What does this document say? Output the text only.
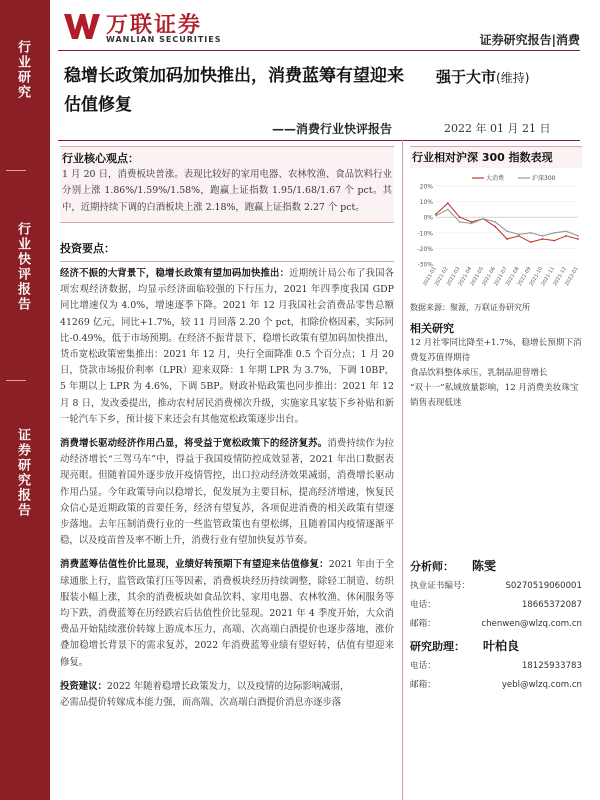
行业研究
行业快评报告
证券研究报告
万联证券
WANLIAN SECURITIES	证券研究报告|消费
稳增长政策加码加快推出，消费蓝筹有望迎来估值修复
——消费行业快评报告
强于大市(维持)
2022 年 01 月 21 日
行业核心观点：

1 月 20 日，消费板块普涨。表现比较好的家用电器、农林牧渔、食品饮料行业分别上涨 1.86%/1.59%/1.58%，跑赢上证指数 1.95/1.68/1.67 个 pct。其中，近期持续下调的白酒板块上涨 2.18%，跑赢上证指数 2.27 个 pct。

投资要点：

经济不振的大背景下，稳增长政策有望加码加快推出：近期统计局公布了我国各项宏观经济数据，均显示经济面临较强的下行压力，2021 年四季度我国 GDP 同比增速仅为 4.0%，增速逐季下降。2021 年 12 月我国社会消费品零售总额 41269 亿元，同比+1.7%，较 11 月回落 2.20 个 pct，扣除价格因素，实际同比-0.49%，低于市场预期。在经济不振背景下，稳增长政策有望加码加快推出，货币宽松政策密集推出：2021 年 12 月，央行全面降准 0.5 个百分点；1 月 20 日，贷款市场报价利率（LPR）迎来双降：1 年期 LPR 为 3.7%，下调 10BP，5 年期以上 LPR 为 4.6%，下调 5BP。财政补贴政策也同步推出：2021 年 12 月 8 日，发改委提出，推动农村居民消费梯次升级，实施家具家装下乡补贴和新一轮汽车下乡，预计接下来还会有其他宽松政策逐步出台。

消费增长驱动经济作用凸显，将受益于宽松政策下的经济复苏。消费持续作为拉动经济增长“三驾马车”中，得益于我国疫情防控成效显著，2021 年出口数据表现亮眼。但随着国外逐步放开疫情管控，出口拉动经济效果减弱，消费增长驱动作用凸显。今年政策导向以稳增长，促发展为主要目标，提高经济增速，恢复民众信心是近期政策的首要任务，经济有望复苏，各项促进消费的相关政策有望逐步落地。去年压制消费行业的一些监管政策也有望松绑，且随着国内疫情逐渐平稳，以及疫苗普及率不断上升，消费行业有望加快复苏节奏。

消费蓝筹估值性价比显现，业绩好转预期下有望迎来估值修复：2021 年由于全球通胀上行，监管政策打压等因素，消费板块经历持续调整，除轻工制造、纺织服装小幅上涨，其余的消费板块如食品饮料、家用电器、农林牧渔、休闲服务等均下跌，消费蓝筹在历经跌宕后估值性价比显现。2021 年 4 季度开始，大众消费品开始陆续涨价转嫁上游成本压力，高端、次高端白酒提价也逐步落地，涨价叠加稳增长背景下的需求复苏，2022 年消费蓝筹业绩有望好转，估值有望迎来修复。

投资建议：2022 年随着稳增长政策发力，以及疫情的边际影响减弱，

必需品提价转嫁成本能力强，而高端、次高端白酒提价消息亦逐步落

行业相对沪深 300 指数表现
20%
10%
0%
-10%
-20%
-30%
2021-01
2021-02
2021-03
2021-04
2021-05
2021-06
2021-07
2021-08
2021-09
2021-10
2021-11
2021-12
2022-01
大消费	沪深300
数据来源：聚源，万联证券研究所
相关研究

12 月社零同比降至+1.7%，稳增长预期下消费复苏值得期待

食品饮料整体承压，乳制品迎替增长

“双十一”私域放量影响，12 月消费美妆珠宝销售表现低迷

分析师： 陈雯
执业证书编号：	S0270519060001
电话：	18665372087
邮箱：	chenwen@wlzq.com.cn
研究助理： 叶柏良
电话：	18125933783
邮箱：	yebl@wlzq.com.cn
